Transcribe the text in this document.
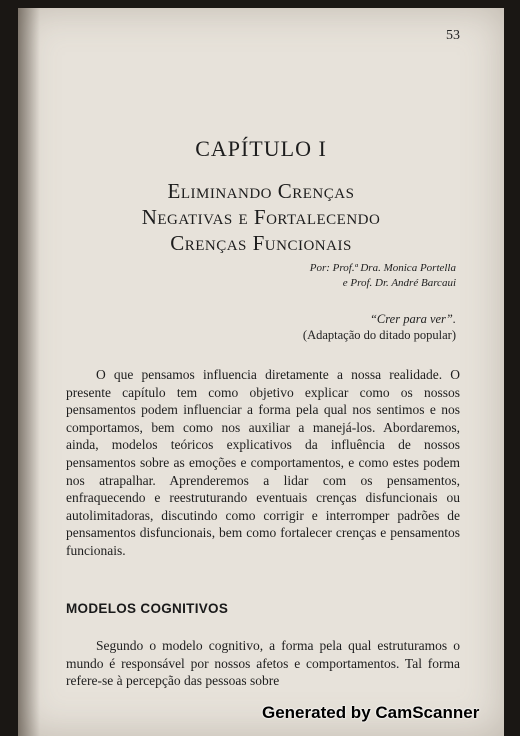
53
CAPÍTULO I
Eliminando Crenças
Negativas e Fortalecendo
Crenças Funcionais
Por: Prof.ª Dra. Monica Portella
e Prof. Dr. André Barcaui
“Crer para ver”.
(Adaptação do ditado popular)

O que pensamos influencia diretamente a nossa realidade. O presente capítulo tem como objetivo explicar como os nossos pensamentos podem influenciar a forma pela qual nos sentimos e nos comportamos, bem como nos auxiliar a manejá-los. Abordaremos, ainda, modelos teóricos explicativos da influência de nossos pensamentos sobre as emoções e comportamentos, e como estes podem nos atrapalhar. Aprenderemos a lidar com os pensamentos, enfraquecendo e reestruturando eventuais crenças disfuncionais ou autolimitadoras, discutindo como corrigir e interromper padrões de pensamentos disfuncionais, bem como fortalecer crenças e pensamentos funcionais.

MODELOS COGNITIVOS

Segundo o modelo cognitivo, a forma pela qual estruturamos o mundo é responsável por nossos afetos e comportamentos. Tal forma refere-se à percepção das pessoas sobre

Generated by CamScanner
